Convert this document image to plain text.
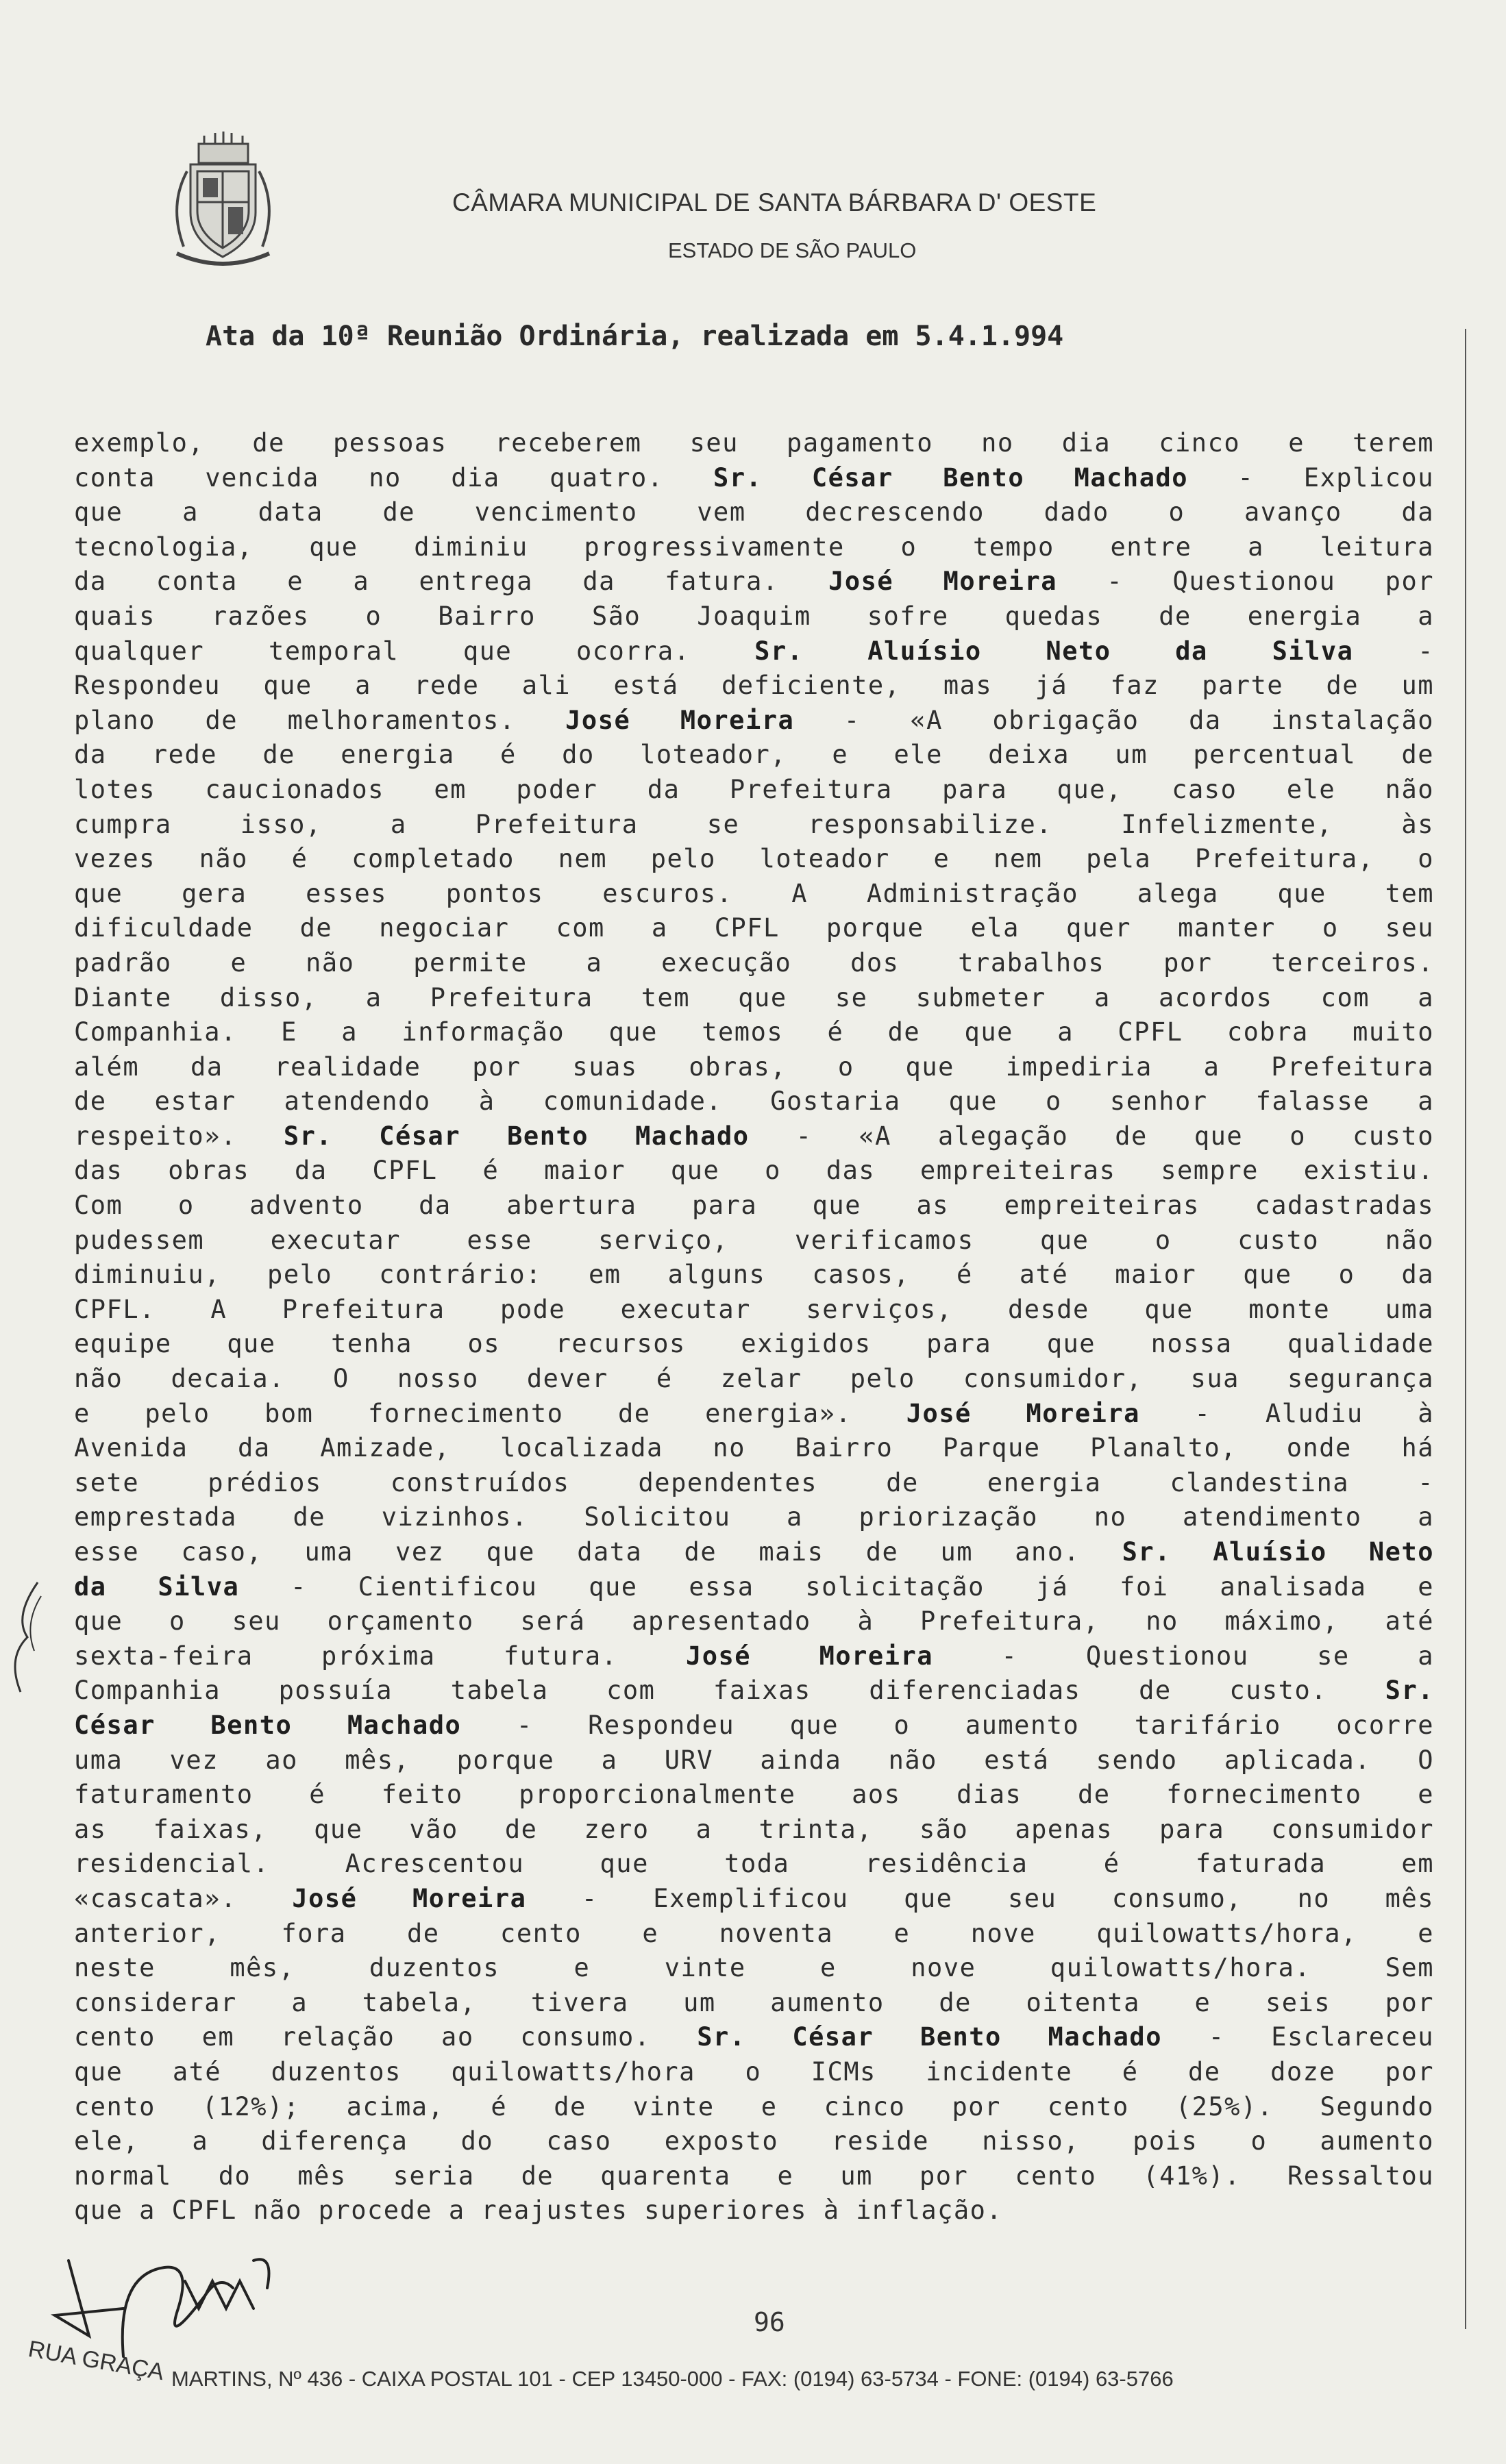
CÂMARA MUNICIPAL DE SANTA BÁRBARA D' OESTE
ESTADO DE SÃO PAULO
Ata da 10ª Reunião Ordinária, realizada em 5.4.1.994
exemplo, de pessoas receberem seu pagamento no dia cinco e terem
conta vencida no dia quatro. Sr. César Bento Machado - Explicou
que a data de vencimento vem decrescendo dado o avanço da
tecnologia, que diminiu progressivamente o tempo entre a leitura
da conta e a entrega da fatura. José Moreira - Questionou por
quais razões o Bairro São Joaquim sofre quedas de energia a
qualquer temporal que ocorra. Sr. Aluísio Neto da Silva -
Respondeu que a rede ali está deficiente, mas já faz parte de um
plano de melhoramentos. José Moreira - «A obrigação da instalação
da rede de energia é do loteador, e ele deixa um percentual de
lotes caucionados em poder da Prefeitura para que, caso ele não
cumpra isso, a Prefeitura se responsabilize. Infelizmente, às
vezes não é completado nem pelo loteador e nem pela Prefeitura, o
que gera esses pontos escuros. A Administração alega que tem
dificuldade de negociar com a CPFL porque ela quer manter o seu
padrão e não permite a execução dos trabalhos por terceiros.
Diante disso, a Prefeitura tem que se submeter a acordos com a
Companhia. E a informação que temos é de que a CPFL cobra muito
além da realidade por suas obras, o que impediria a Prefeitura
de estar atendendo à comunidade. Gostaria que o senhor falasse a
respeito». Sr. César Bento Machado - «A alegação de que o custo
das obras da CPFL é maior que o das empreiteiras sempre existiu.
Com o advento da abertura para que as empreiteiras cadastradas
pudessem executar esse serviço, verificamos que o custo não
diminuiu, pelo contrário: em alguns casos, é até maior que o da
CPFL. A Prefeitura pode executar serviços, desde que monte uma
equipe que tenha os recursos exigidos para que nossa qualidade
não decaia. O nosso dever é zelar pelo consumidor, sua segurança
e pelo bom fornecimento de energia». José Moreira - Aludiu à
Avenida da Amizade, localizada no Bairro Parque Planalto, onde há
sete prédios construídos dependentes de energia clandestina -
emprestada de vizinhos. Solicitou a priorização no atendimento a
esse caso, uma vez que data de mais de um ano. Sr. Aluísio Neto
da Silva - Cientificou que essa solicitação já foi analisada e
que o seu orçamento será apresentado à Prefeitura, no máximo, até
sexta-feira próxima futura. José Moreira - Questionou se a
Companhia possuía tabela com faixas diferenciadas de custo. Sr.
César Bento Machado - Respondeu que o aumento tarifário ocorre
uma vez ao mês, porque a URV ainda não está sendo aplicada. O
faturamento é feito proporcionalmente aos dias de fornecimento e
as faixas, que vão de zero a trinta, são apenas para consumidor
residencial. Acrescentou que toda residência é faturada em
«cascata». José Moreira - Exemplificou que seu consumo, no mês
anterior, fora de cento e noventa e nove quilowatts/hora, e
neste mês, duzentos e vinte e nove quilowatts/hora. Sem
considerar a tabela, tivera um aumento de oitenta e seis por
cento em relação ao consumo. Sr. César Bento Machado - Esclareceu
que até duzentos quilowatts/hora o ICMs incidente é de doze por
cento (12%); acima, é de vinte e cinco por cento (25%). Segundo
ele, a diferença do caso exposto reside nisso, pois o aumento
normal do mês seria de quarenta e um por cento (41%). Ressaltou
que a CPFL não procede a reajustes superiores à inflação.
96
RUA GRAÇA MARTINS, Nº 436 - CAIXA POSTAL 101 - CEP 13450-000 - FAX: (0194) 63-5734 - FONE: (0194) 63-5766
